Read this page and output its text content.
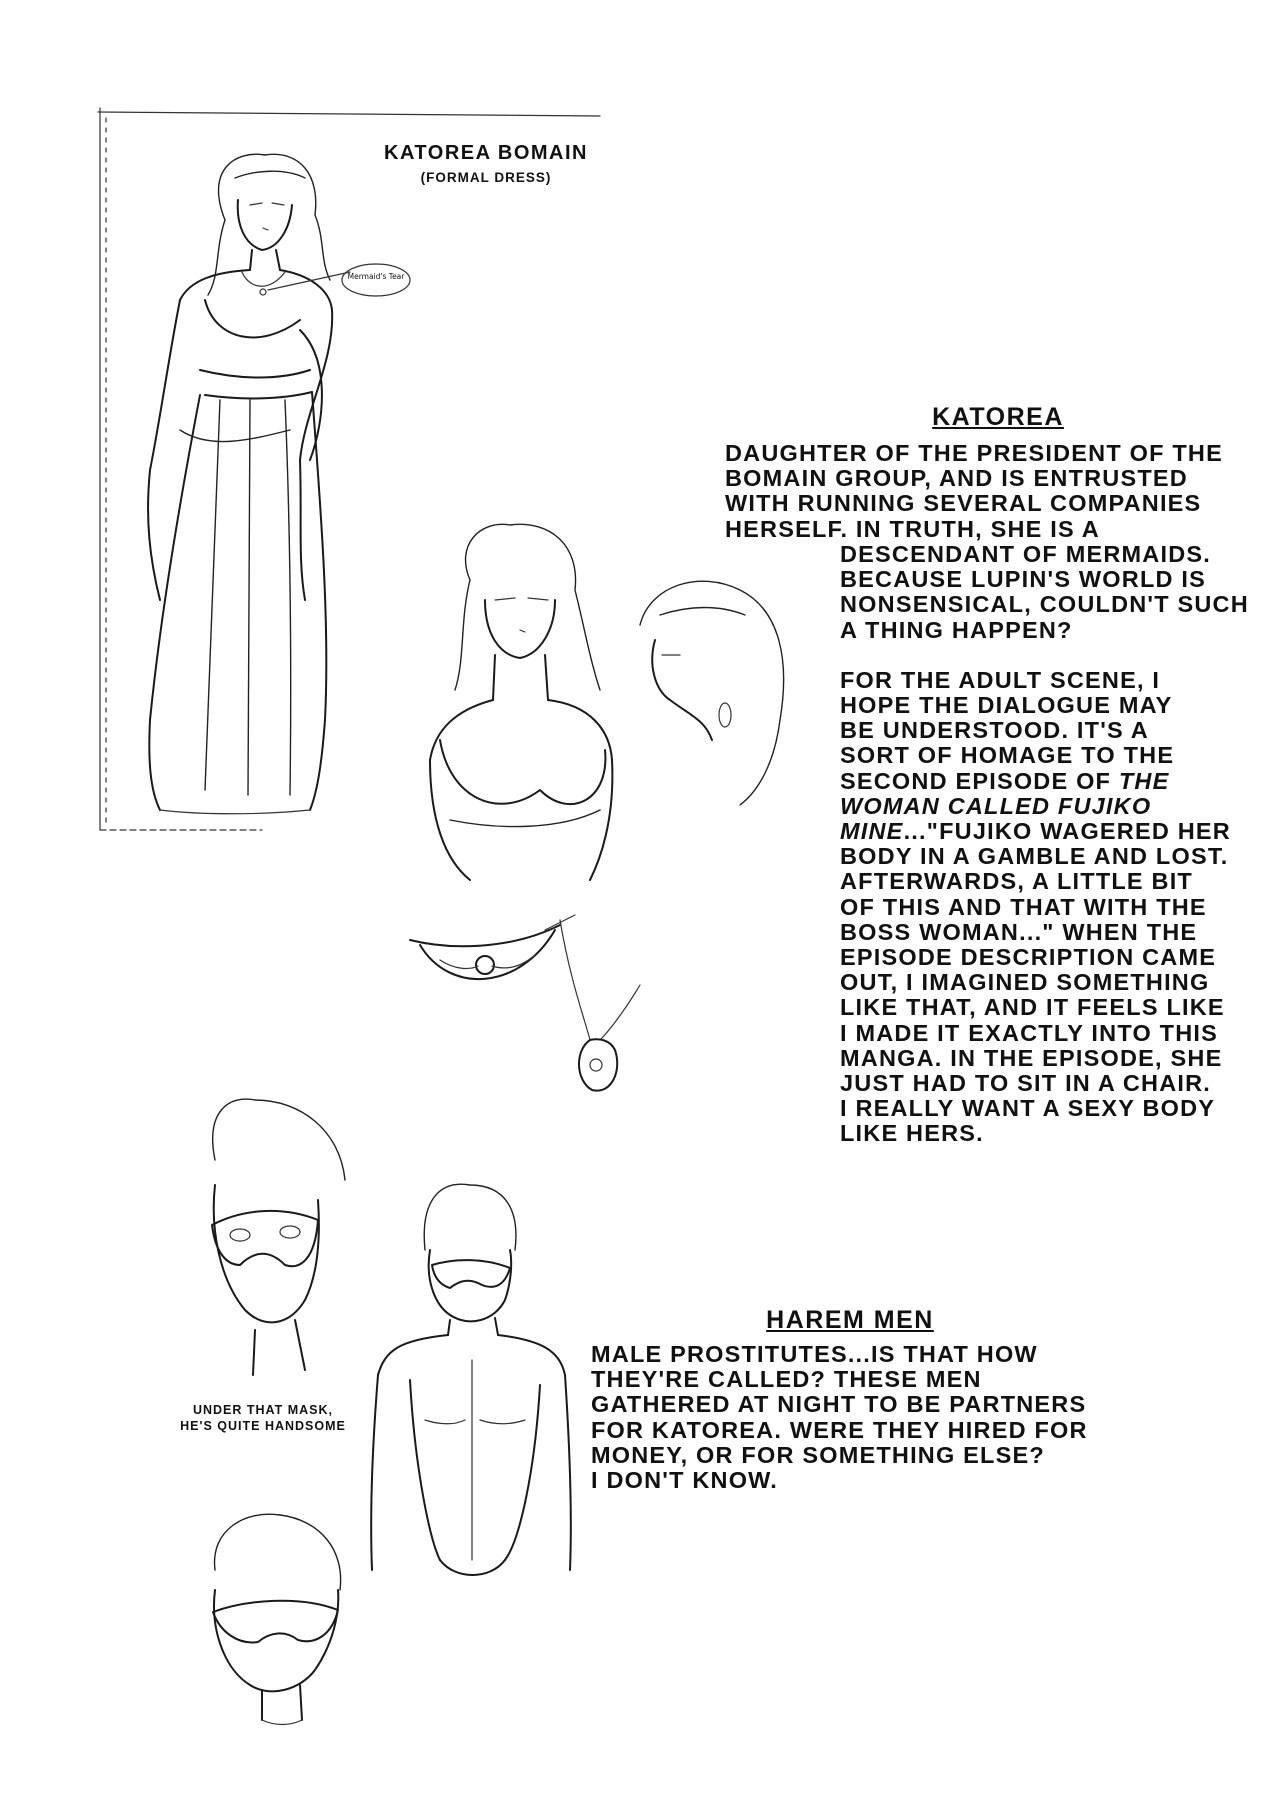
KATOREA BOMAIN
(FORMAL DRESS)
Mermaid's Tear
KATOREA
DAUGHTER OF THE PRESIDENT OF THE
BOMAIN GROUP, AND IS ENTRUSTED
WITH RUNNING SEVERAL COMPANIES
HERSELF. IN TRUTH, SHE IS A
DESCENDANT OF MERMAIDS.
BECAUSE LUPIN'S WORLD IS
NONSENSICAL, COULDN'T SUCH
A THING HAPPEN?
FOR THE ADULT SCENE, I
HOPE THE DIALOGUE MAY
BE UNDERSTOOD. IT'S A
SORT OF HOMAGE TO THE
SECOND EPISODE OF THE
WOMAN CALLED FUJIKO
MINE..."FUJIKO WAGERED HER
BODY IN A GAMBLE AND LOST.
AFTERWARDS, A LITTLE BIT
OF THIS AND THAT WITH THE
BOSS WOMAN..." WHEN THE
EPISODE DESCRIPTION CAME
OUT, I IMAGINED SOMETHING
LIKE THAT, AND IT FEELS LIKE
I MADE IT EXACTLY INTO THIS
MANGA. IN THE EPISODE, SHE
JUST HAD TO SIT IN A CHAIR.
I REALLY WANT A SEXY BODY
LIKE HERS.
HAREM MEN
MALE PROSTITUTES...IS THAT HOW
THEY'RE CALLED? THESE MEN
GATHERED AT NIGHT TO BE PARTNERS
FOR KATOREA. WERE THEY HIRED FOR
MONEY, OR FOR SOMETHING ELSE?
I DON'T KNOW.
UNDER THAT MASK,
HE'S QUITE HANDSOME
